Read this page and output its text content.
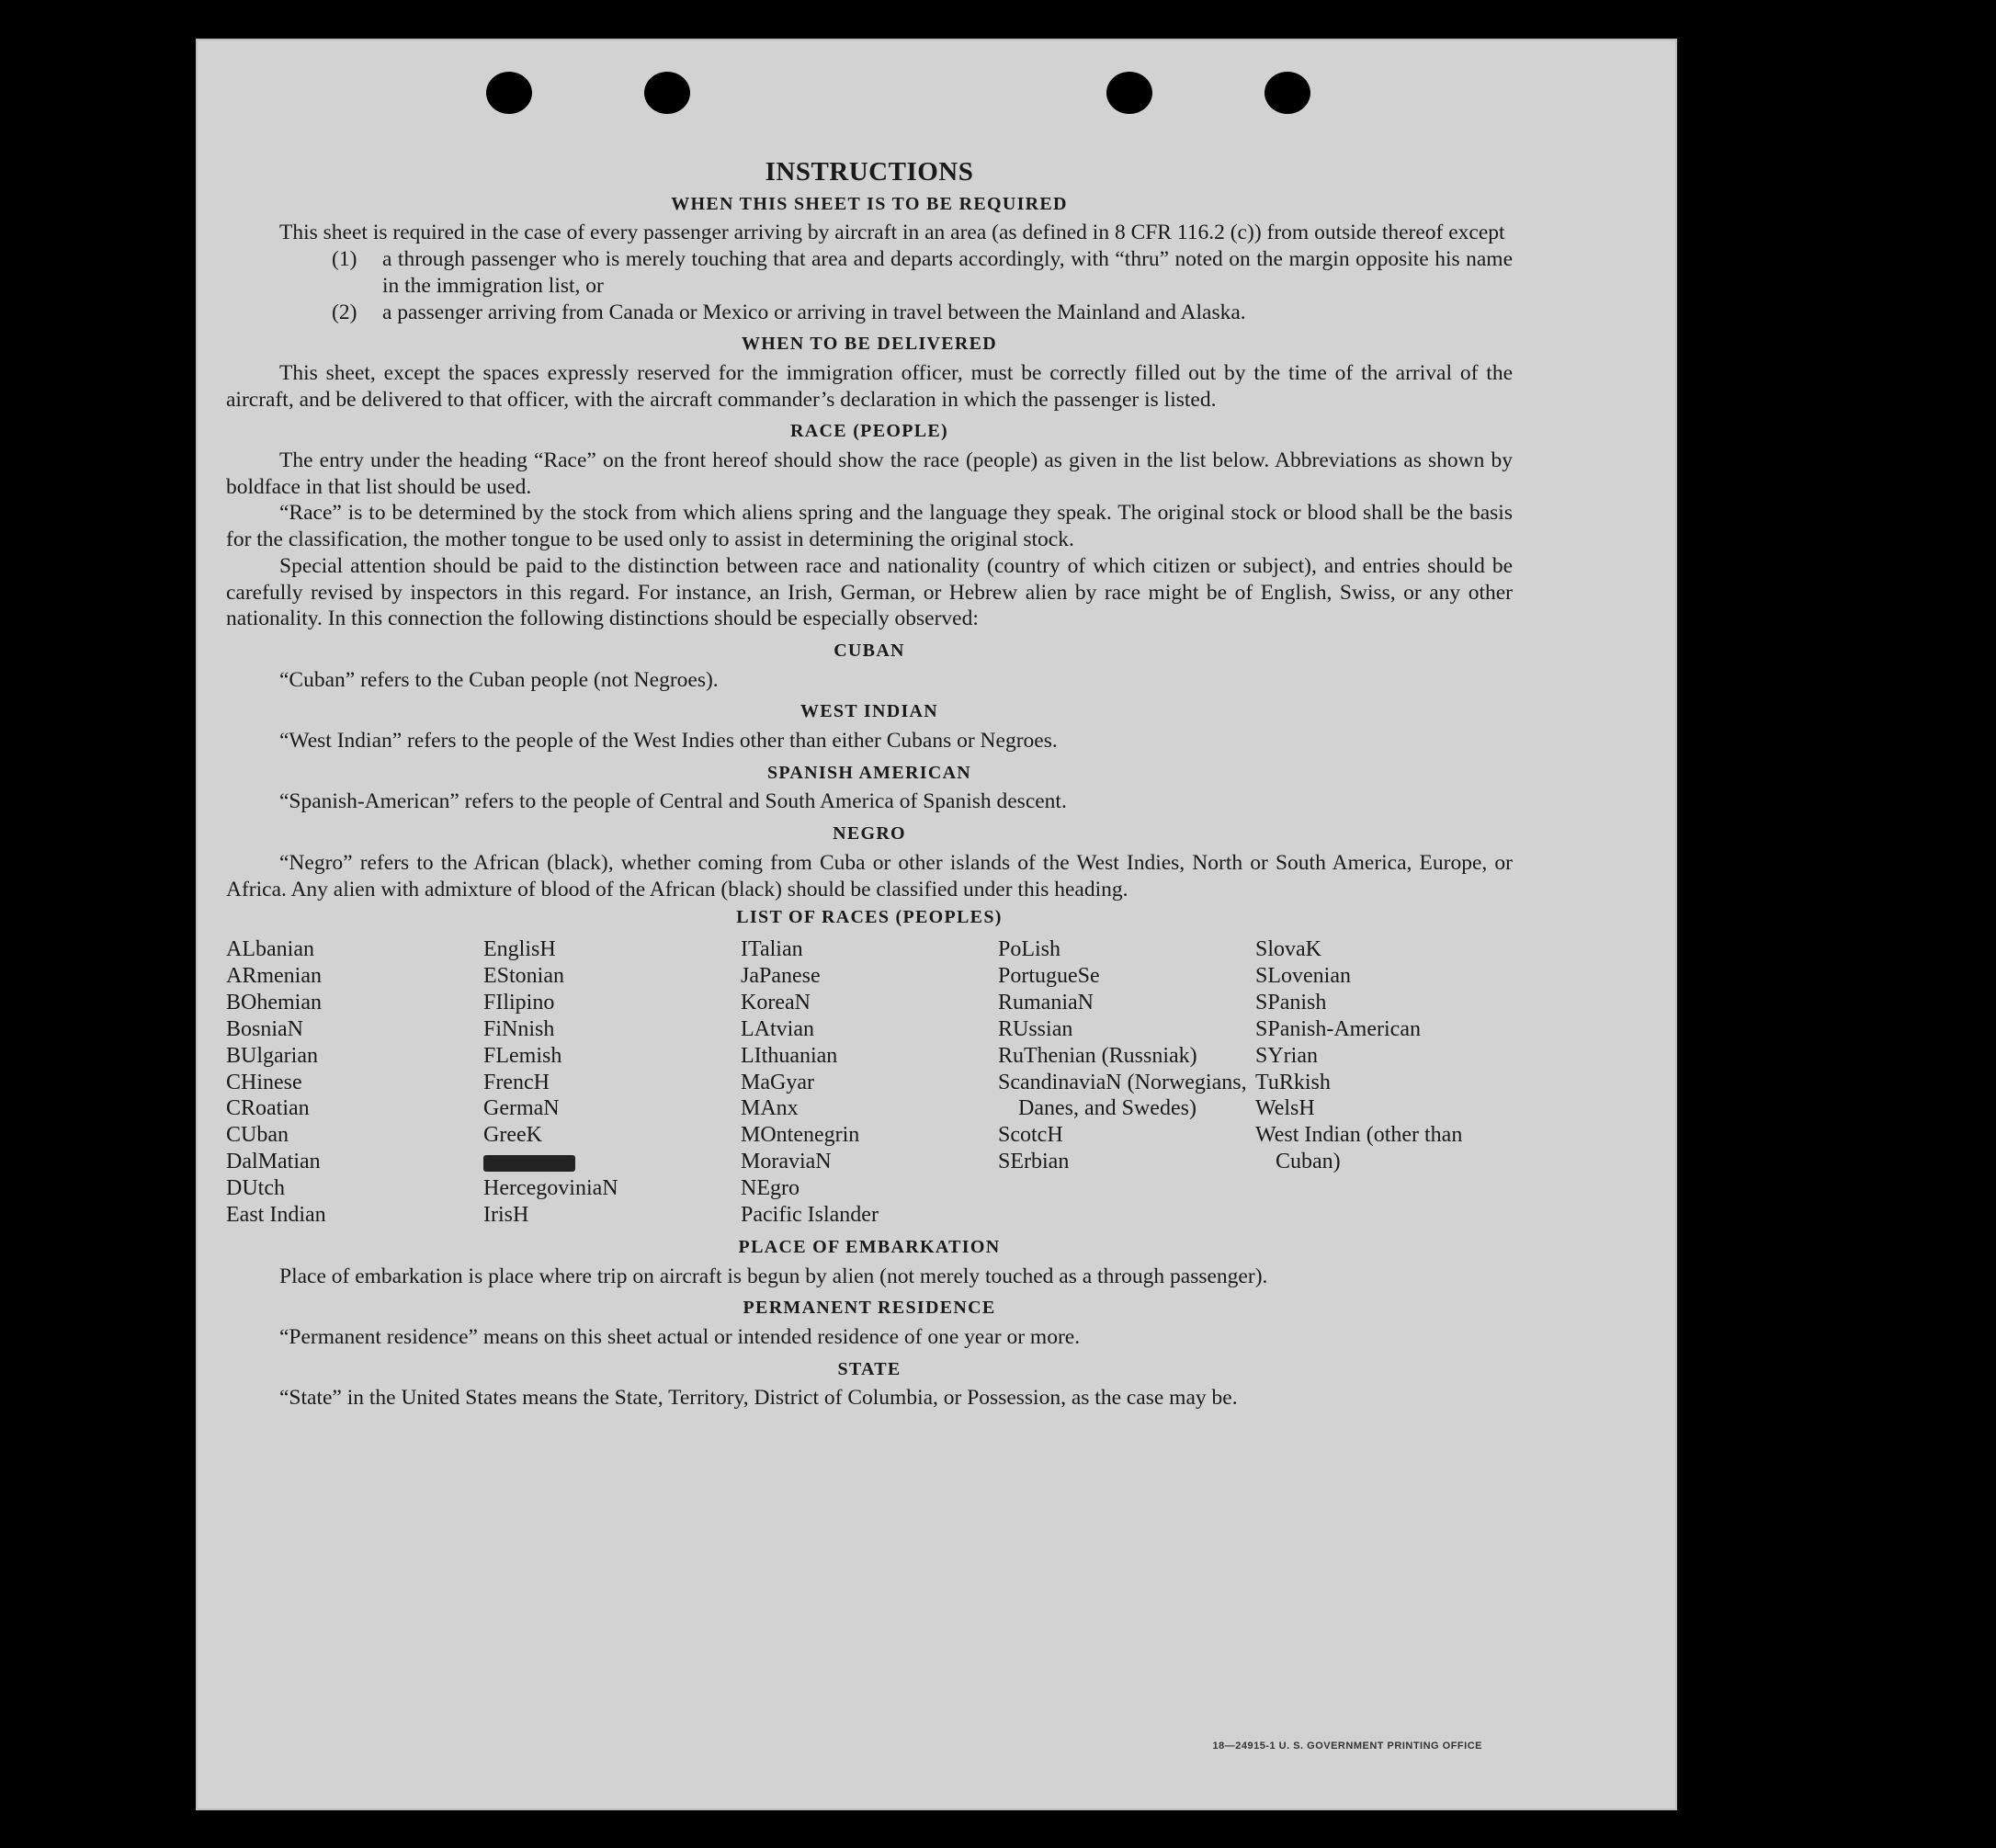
INSTRUCTIONS
WHEN THIS SHEET IS TO BE REQUIRED

This sheet is required in the case of every passenger arriving by aircraft in an area (as defined in 8 CFR 116.2 (c)) from outside thereof except

(1)	a through passenger who is merely touching that area and departs accordingly, with “thru” noted on the margin opposite his name in the immigration list, or
(2)	a passenger arriving from Canada or Mexico or arriving in travel between the Mainland and Alaska.
WHEN TO BE DELIVERED

This sheet, except the spaces expressly reserved for the immigration officer, must be correctly filled out by the time of the arrival of the aircraft, and be delivered to that officer, with the aircraft commander’s declaration in which the passenger is listed.

RACE (PEOPLE)

The entry under the heading “Race” on the front hereof should show the race (people) as given in the list below. Abbreviations as shown by boldface in that list should be used.

“Race” is to be determined by the stock from which aliens spring and the language they speak. The original stock or blood shall be the basis for the classification, the mother tongue to be used only to assist in determining the original stock.

Special attention should be paid to the distinction between race and nationality (country of which citizen or subject), and entries should be carefully revised by inspectors in this regard. For instance, an Irish, German, or Hebrew alien by race might be of English, Swiss, or any other nationality. In this connection the following distinctions should be especially observed:

CUBAN

“Cuban” refers to the Cuban people (not Negroes).

WEST INDIAN

“West Indian” refers to the people of the West Indies other than either Cubans or Negroes.

SPANISH AMERICAN

“Spanish-American” refers to the people of Central and South America of Spanish descent.

NEGRO

“Negro” refers to the African (black), whether coming from Cuba or other islands of the West Indies, North or South America, Europe, or Africa. Any alien with admixture of blood of the African (black) should be classified under this heading.

LIST OF RACES (PEOPLES)
ALbanian
ARmenian
BOhemian
BosniaN
BUlgarian
CHinese
CRoatian
CUban
DalMatian
DUtch
East Indian
EnglisH
EStonian
FIlipino
FiNnish
FLemish
FrencH
GermaN
GreeK
HercegoviniaN
IrisH
ITalian
JaPanese
KoreaN
LAtvian
LIthuanian
MaGyar
MAnx
MOntenegrin
MoraviaN
NEgro
Pacific Islander
PoLish
PortugueSe
RumaniaN
RUssian
RuThenian (Russniak)
ScandinaviaN (Norwegians, Danes, and Swedes)
ScotcH
SErbian
SlovaK
SLovenian
SPanish
SPanish-American
SYrian
TuRkish
WelsH
West Indian (other than Cuban)
PLACE OF EMBARKATION

Place of embarkation is place where trip on aircraft is begun by alien (not merely touched as a through passenger).

PERMANENT RESIDENCE

“Permanent residence” means on this sheet actual or intended residence of one year or more.

STATE

“State” in the United States means the State, Territory, District of Columbia, or Possession, as the case may be.

18—24915-1 U. S. GOVERNMENT PRINTING OFFICE
